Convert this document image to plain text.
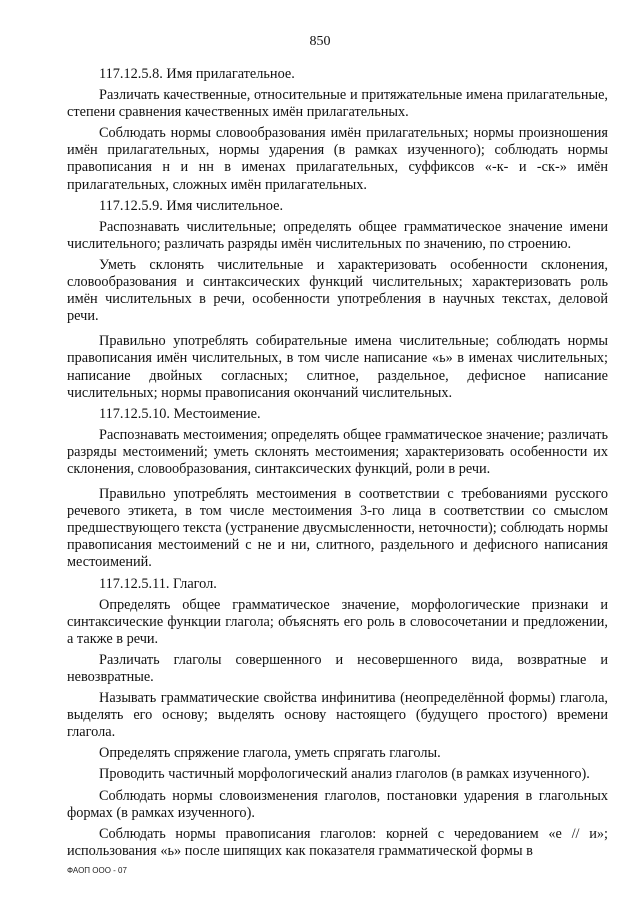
850

117.12.5.8. Имя прилагательное.

Различать качественные, относительные и притяжательные имена прилагательные, степени сравнения качественных имён прилагательных.

Соблюдать нормы словообразования имён прилагательных; нормы произношения имён прилагательных, нормы ударения (в рамках изученного); соблюдать нормы правописания н и нн в именах прилагательных, суффиксов «-к- и -ск-» имён прилагательных, сложных имён прилагательных.

117.12.5.9. Имя числительное.

Распознавать числительные; определять общее грамматическое значение имени числительного; различать разряды имён числительных по значению, по строению.

Уметь склонять числительные и характеризовать особенности склонения, словообразования и синтаксических функций числительных; характеризовать роль имён числительных в речи, особенности употребления в научных текстах, деловой речи.

Правильно употреблять собирательные имена числительные; соблюдать нормы правописания имён числительных, в том числе написание «ь» в именах числительных; написание двойных согласных; слитное, раздельное, дефисное написание числительных; нормы правописания окончаний числительных.

117.12.5.10. Местоимение.

Распознавать местоимения; определять общее грамматическое значение; различать разряды местоимений; уметь склонять местоимения; характеризовать особенности их склонения, словообразования, синтаксических функций, роли в речи.

Правильно употреблять местоимения в соответствии с требованиями русского речевого этикета, в том числе местоимения 3-го лица в соответствии со смыслом предшествующего текста (устранение двусмысленности, неточности); соблюдать нормы правописания местоимений с не и ни, слитного, раздельного и дефисного написания местоимений.

117.12.5.11. Глагол.

Определять общее грамматическое значение, морфологические признаки и синтаксические функции глагола; объяснять его роль в словосочетании и предложении, а также в речи.

Различать глаголы совершенного и несовершенного вида, возвратные и невозвратные.

Называть грамматические свойства инфинитива (неопределённой формы) глагола, выделять его основу; выделять основу настоящего (будущего простого) времени глагола.

Определять спряжение глагола, уметь спрягать глаголы.

Проводить частичный морфологический анализ глаголов (в рамках изученного).

Соблюдать нормы словоизменения глаголов, постановки ударения в глагольных формах (в рамках изученного).

Соблюдать нормы правописания глаголов: корней с чередованием «е // и»; использования «ь» после шипящих как показателя грамматической формы в

ФАОП ООО - 07
